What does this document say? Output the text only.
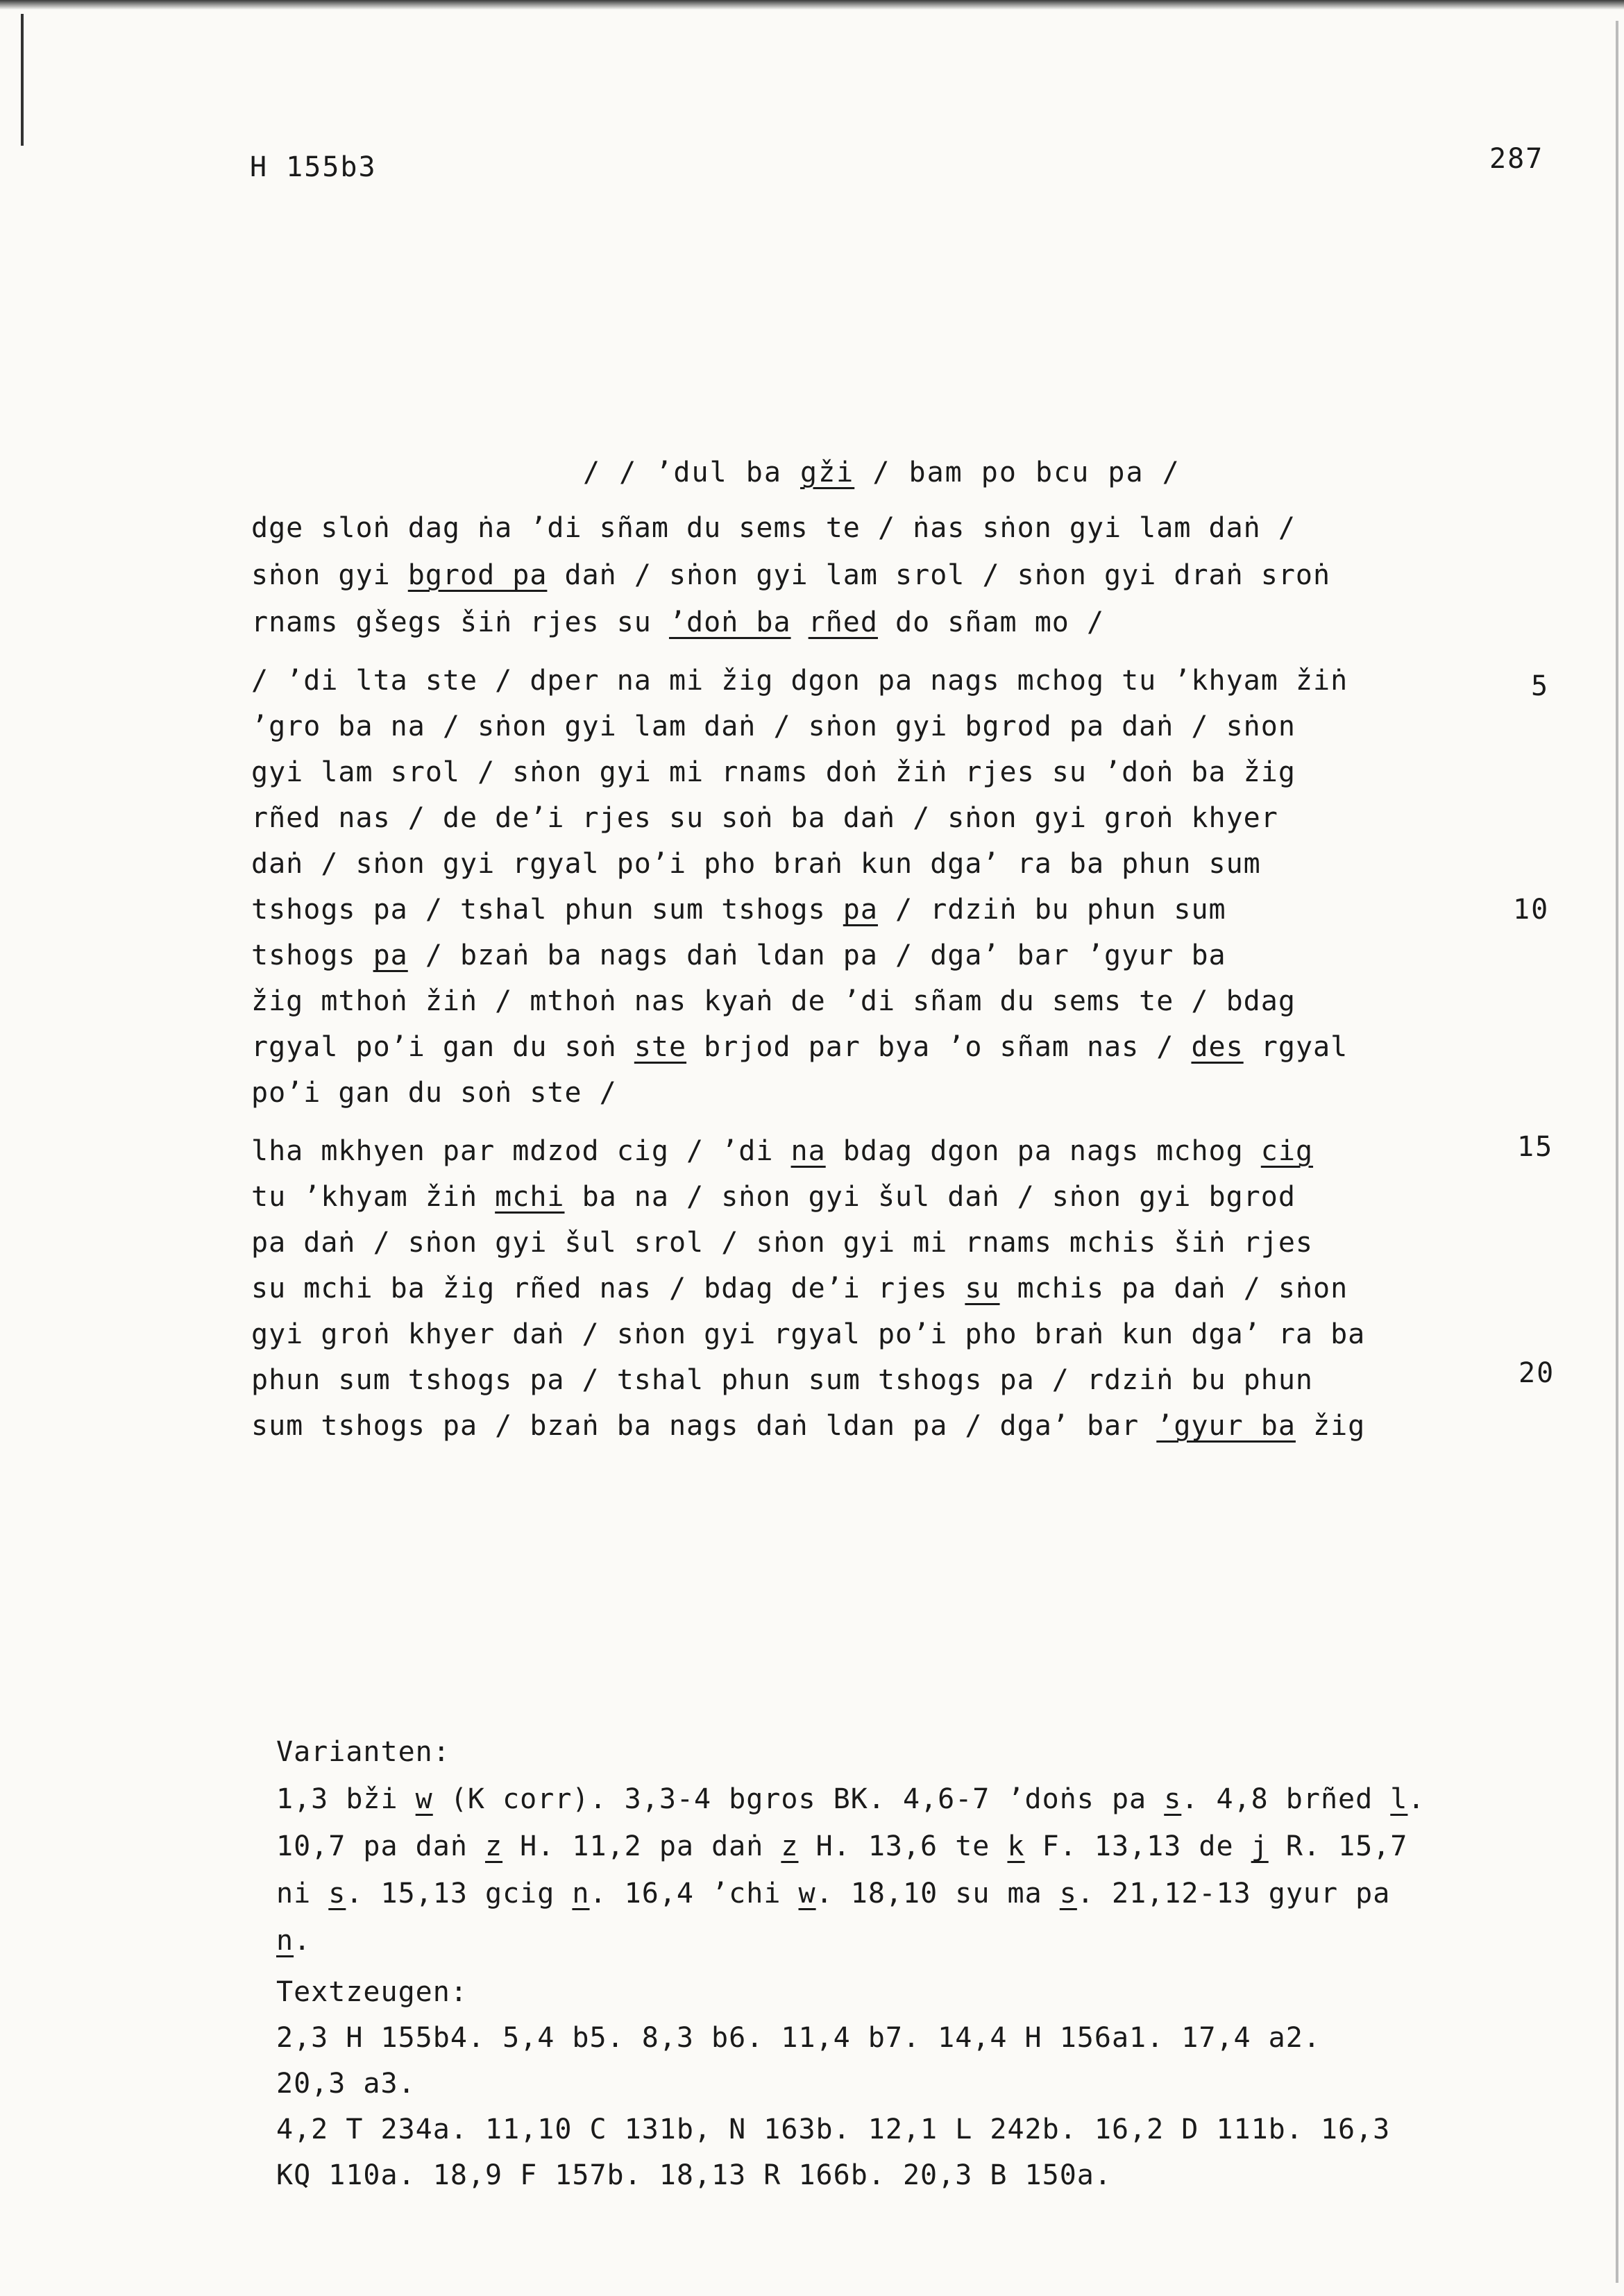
H 155b3	287
/ / ’dul ba gži / bam po bcu pa /
dge sloṅ dag ṅa ’di sñam du sems te / ṅas sṅon gyi lam daṅ /
sṅon gyi bgrod pa daṅ / sṅon gyi lam srol / sṅon gyi draṅ sroṅ
rnams gšegs šiṅ rjes su ’doṅ ba rñed do sñam mo /
/ ’di lta ste / dper na mi žig dgon pa nags mchog tu ’khyam žiṅ
’gro ba na / sṅon gyi lam daṅ / sṅon gyi bgrod pa daṅ / sṅon
gyi lam srol / sṅon gyi mi rnams doṅ žiṅ rjes su ’doṅ ba žig
rñed nas / de de’i rjes su soṅ ba daṅ / sṅon gyi groṅ khyer
daṅ / sṅon gyi rgyal po’i pho braṅ kun dga’ ra ba phun sum
tshogs pa / tshal phun sum tshogs pa / rdziṅ bu phun sum
tshogs pa / bzaṅ ba nags daṅ ldan pa / dga’ bar ’gyur ba
žig mthoṅ žiṅ / mthoṅ nas kyaṅ de ’di sñam du sems te / bdag
rgyal po’i gan du soṅ ste brjod par bya ’o sñam nas / des rgyal
po’i gan du soṅ ste /
lha mkhyen par mdzod cig / ’di na bdag dgon pa nags mchog cig
tu ’khyam žiṅ mchi ba na / sṅon gyi šul daṅ / sṅon gyi bgrod
pa daṅ / sṅon gyi šul srol / sṅon gyi mi rnams mchis šiṅ rjes
su mchi ba žig rñed nas / bdag de’i rjes su mchis pa daṅ / sṅon
gyi groṅ khyer daṅ / sṅon gyi rgyal po’i pho braṅ kun dga’ ra ba
phun sum tshogs pa / tshal phun sum tshogs pa / rdziṅ bu phun
sum tshogs pa / bzaṅ ba nags daṅ ldan pa / dga’ bar ’gyur ba žig
5
10
15
20
Varianten:
1,3 bži w (K corr). 3,3-4 bgros BK. 4,6-7 ’doṅs pa s. 4,8 brñed l.
10,7 pa daṅ z H. 11,2 pa daṅ z H. 13,6 te k F. 13,13 de j R. 15,7
ni s. 15,13 gcig n. 16,4 ’chi w. 18,10 su ma s. 21,12-13 gyur pa
n.
Textzeugen:
2,3 H 155b4. 5,4 b5. 8,3 b6. 11,4 b7. 14,4 H 156a1. 17,4 a2.
20,3 a3.
4,2 T 234a. 11,10 C 131b, N 163b. 12,1 L 242b. 16,2 D 111b. 16,3
KQ 110a. 18,9 F 157b. 18,13 R 166b. 20,3 B 150a.
